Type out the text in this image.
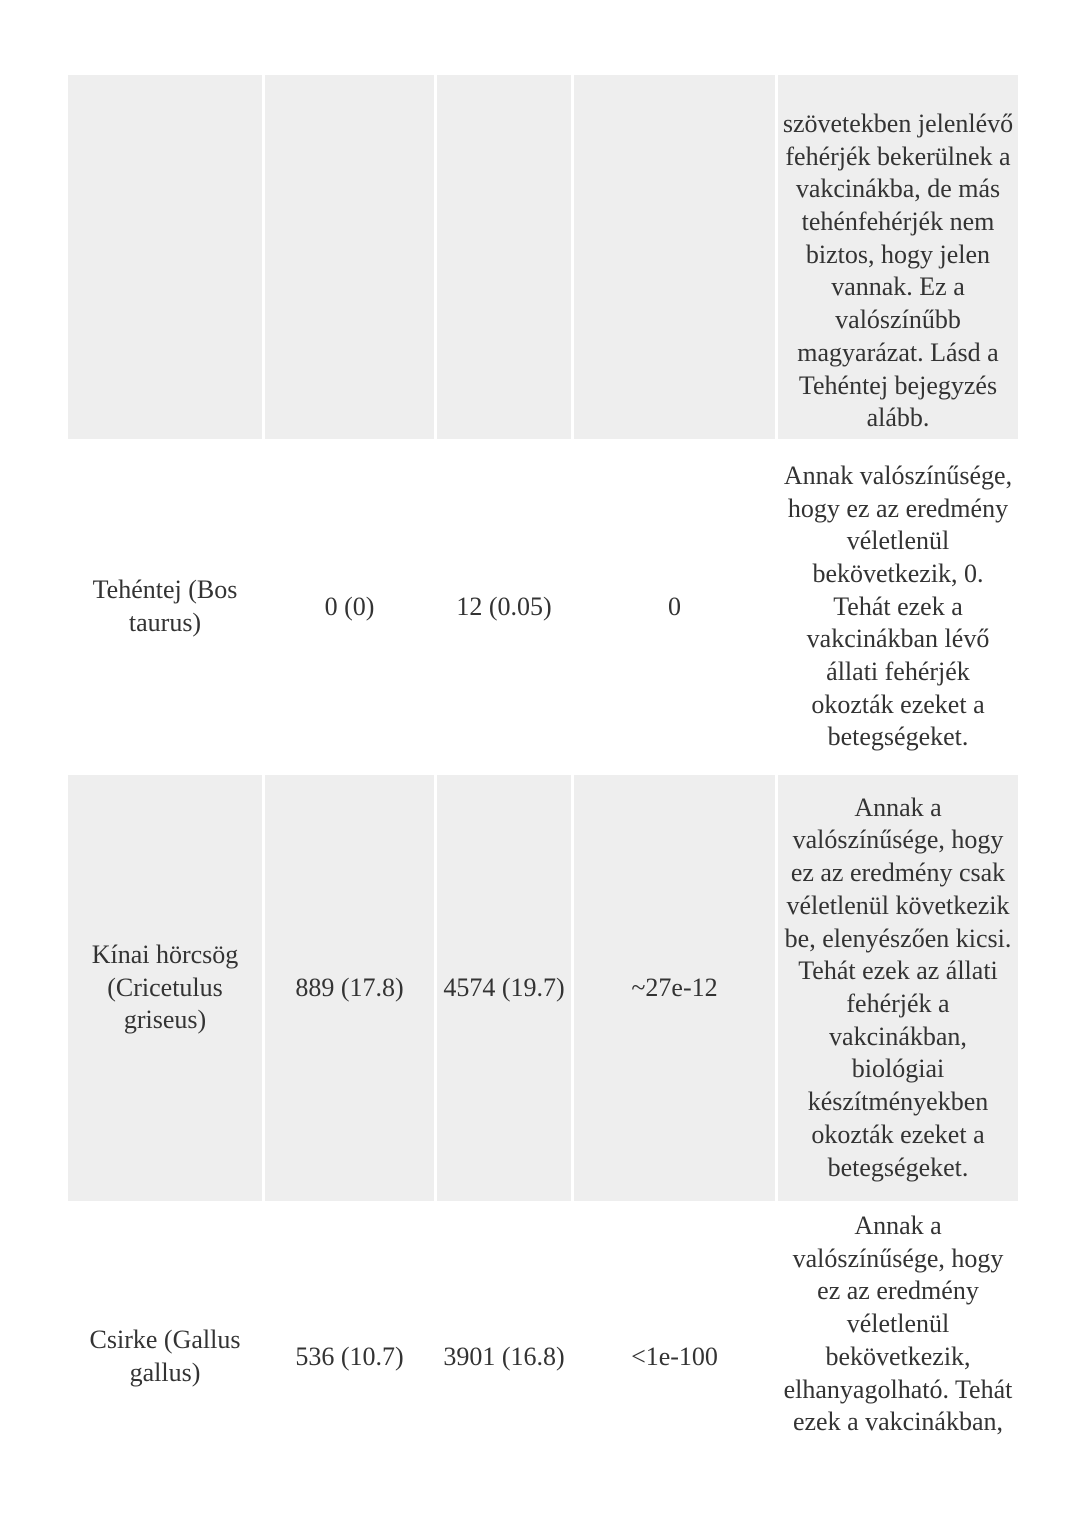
				szövetekben jelenlévő fehérjék bekerülnek a vakcinákba, de más tehénfehérjék nem biztos, hogy jelen vannak. Ez a valószínűbb magyarázat. Lásd a Tehéntej bejegyzés alább.
Tehéntej (Bos taurus)	0 (0)	12 (0.05)	0	Annak valószínűsége, hogy ez az eredmény véletlenül bekövetkezik, 0. Tehát ezek a vakcinákban lévő állati fehérjék okozták ezeket a betegségeket.
Kínai hörcsög (Cricetulus griseus)	889 (17.8)	4574 (19.7)	~27e-12	Annak a valószínűsége, hogy ez az eredmény csak véletlenül következik be, elenyészően kicsi. Tehát ezek az állati fehérjék a vakcinákban, biológiai készítményekben okozták ezeket a betegségeket.
Csirke (Gallus gallus)	536 (10.7)	3901 (16.8)	<1e-100	Annak a valószínűsége, hogy ez az eredmény véletlenül bekövetkezik, elhanyagolható. Tehát ezek a vakcinákban,
